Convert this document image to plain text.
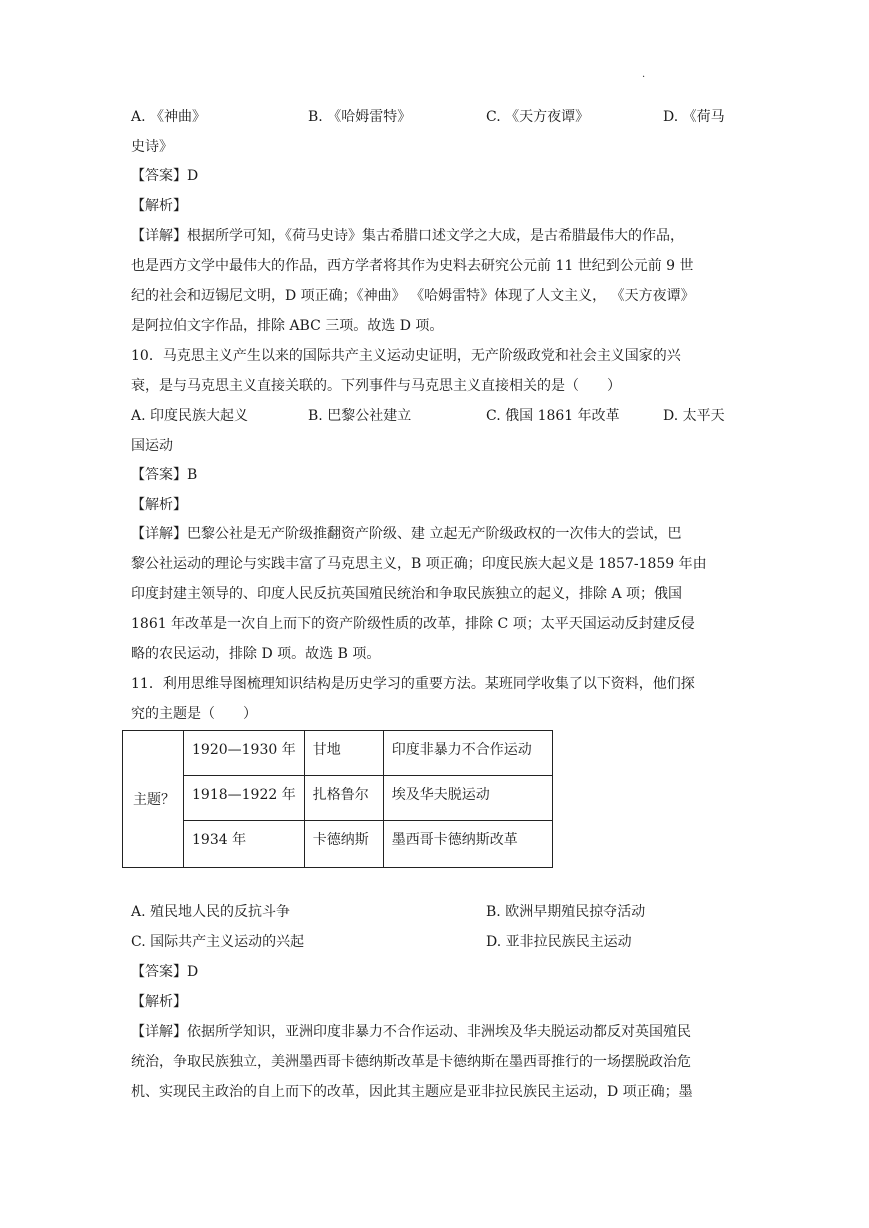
·
A. 《神曲》	B. 《哈姆雷特》	C. 《天方夜谭》	D. 《荷马
史诗》
【答案】D
【解析】
【详解】根据所学可知，《荷马史诗》集古希腊口述文学之大成，是古希腊最伟大的作品，
也是西方文学中最伟大的作品，西方学者将其作为史料去研究公元前 11 世纪到公元前 9 世
纪的社会和迈锡尼文明，D 项正确；《神曲》 《哈姆雷特》体现了人文主义， 《天方夜谭》
是阿拉伯文字作品，排除 ABC 三项。故选 D 项。
10．马克思主义产生以来的国际共产主义运动史证明，无产阶级政党和社会主义国家的兴
衰，是与马克思主义直接关联的。下列事件与马克思主义直接相关的是（　　）
A. 印度民族大起义	B. 巴黎公社建立	C. 俄国 1861 年改革	D. 太平天
国运动
【答案】B
【解析】
【详解】巴黎公社是无产阶级推翻资产阶级、建 立起无产阶级政权的一次伟大的尝试，巴
黎公社运动的理论与实践丰富了马克思主义，B 项正确；印度民族大起义是 1857-1859 年由
印度封建主领导的、印度人民反抗英国殖民统治和争取民族独立的起义，排除 A 项；俄国
1861 年改革是一次自上而下的资产阶级性质的改革，排除 C 项；太平天国运动反封建反侵
略的农民运动，排除 D 项。故选 B 项。
11．利用思维导图梳理知识结构是历史学习的重要方法。某班同学收集了以下资料，他们探
究的主题是（　　）
主题？	1920—1930 年	甘地	印度非暴力不合作运动
	1918—1922 年	扎格鲁尔	埃及华夫脱运动
	1934 年	卡德纳斯	墨西哥卡德纳斯改革
A. 殖民地人民的反抗斗争	B. 欧洲早期殖民掠夺活动
C. 国际共产主义运动的兴起	D. 亚非拉民族民主运动
【答案】D
【解析】
【详解】依据所学知识，亚洲印度非暴力不合作运动、非洲埃及华夫脱运动都反对英国殖民
统治，争取民族独立，美洲墨西哥卡德纳斯改革是卡德纳斯在墨西哥推行的一场摆脱政治危
机、实现民主政治的自上而下的改革，因此其主题应是亚非拉民族民主运动，D 项正确；墨
